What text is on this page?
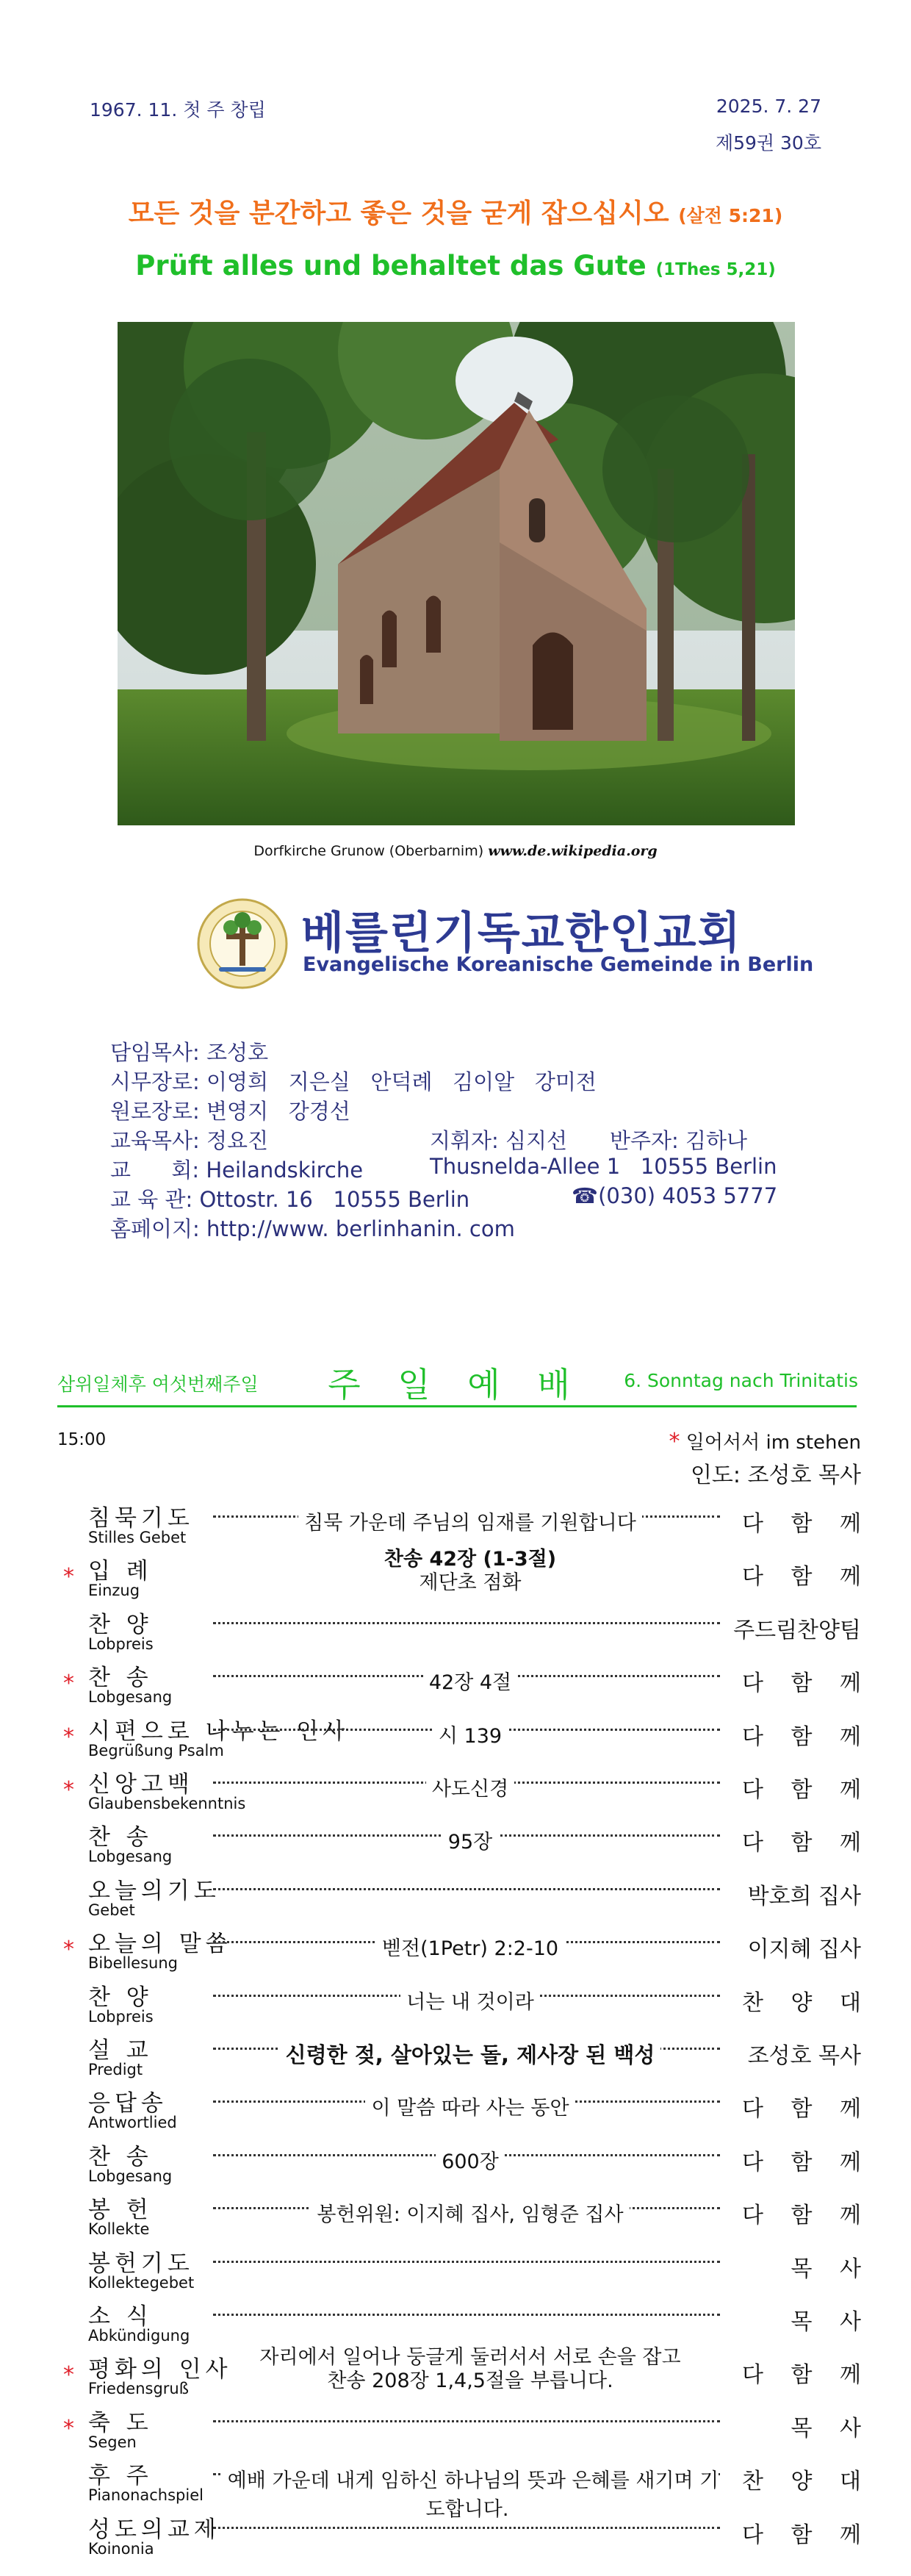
1967. 11. 첫 주 창립	2025. 7. 27
제59권 30호
모든 것을 분간하고 좋은 것을 굳게 잡으십시오 (살전 5:21)
Prüft alles und behaltet das Gute (1Thes 5,21)
Dorfkirche Grunow (Oberbarnim) www.de.wikipedia.org
베를린기독교한인교회
Evangelische Koreanische Gemeinde in Berlin
담임목사: 조성호
시무장로: 이영희   지은실   안덕례   김이알   강미전
원로장로: 변영지   강경선
교육목사: 정요진	지휘자: 심지선 반주자: 김하나
교      회: Heilandskirche	Thusnelda-Allee 1   10555 Berlin
교 육 관: Ottostr. 16   10555 Berlin	☎(030) 4053 5777
홈페이지: http://www. berlinhanin. com
삼위일체후 여섯번째주일	주 일 예 배	6. Sonntag nach Trinitatis
15:00	* 일어서서 im stehen
인도: 조성호 목사
침묵기도
Stilles Gebet
침묵 가운데 주님의 임재를 기원합니다	다 함 께
* 입 례
Einzug
찬송 42장 (1-3절)
제단초 점화	다 함 께
찬 양
Lobpreis
주드림찬양팀
* 찬 송
Lobgesang
42장 4절	다 함 께
* 시편으로 나누는 인사
Begrüßung Psalm
시 139	다 함 께
* 신앙고백
Glaubensbekenntnis
사도신경	다 함 께
찬 송
Lobgesang
95장	다 함 께
오늘의기도
Gebet
박호희 집사
* 오늘의 말씀
Bibellesung
벧전(1Petr) 2:2-10	이지혜 집사
찬 양
Lobpreis
너는 내 것이라	찬 양 대
설 교
Predigt
신령한 젖, 살아있는 돌, 제사장 된 백성	조성호 목사
응답송
Antwortlied
이 말씀 따라 사는 동안	다 함 께
찬 송
Lobgesang
600장	다 함 께
봉 헌
Kollekte
봉헌위원: 이지혜 집사, 임형준 집사	다 함 께
봉헌기도
Kollektegebet
목 사
소 식
Abkündigung
목 사
* 평화의 인사
Friedensgruß
자리에서 일어나 둥글게 둘러서서 서로 손을 잡고
찬송 208장 1,4,5절을 부릅니다.	다 함 께
* 축 도
Segen
목 사
후 주
Pianonachspiel
예배 가운데 내게 임하신 하나님의 뜻과 은혜를 새기며 기도합니다.
찬 양 대
성도의교제
Koinonia
다 함 께
